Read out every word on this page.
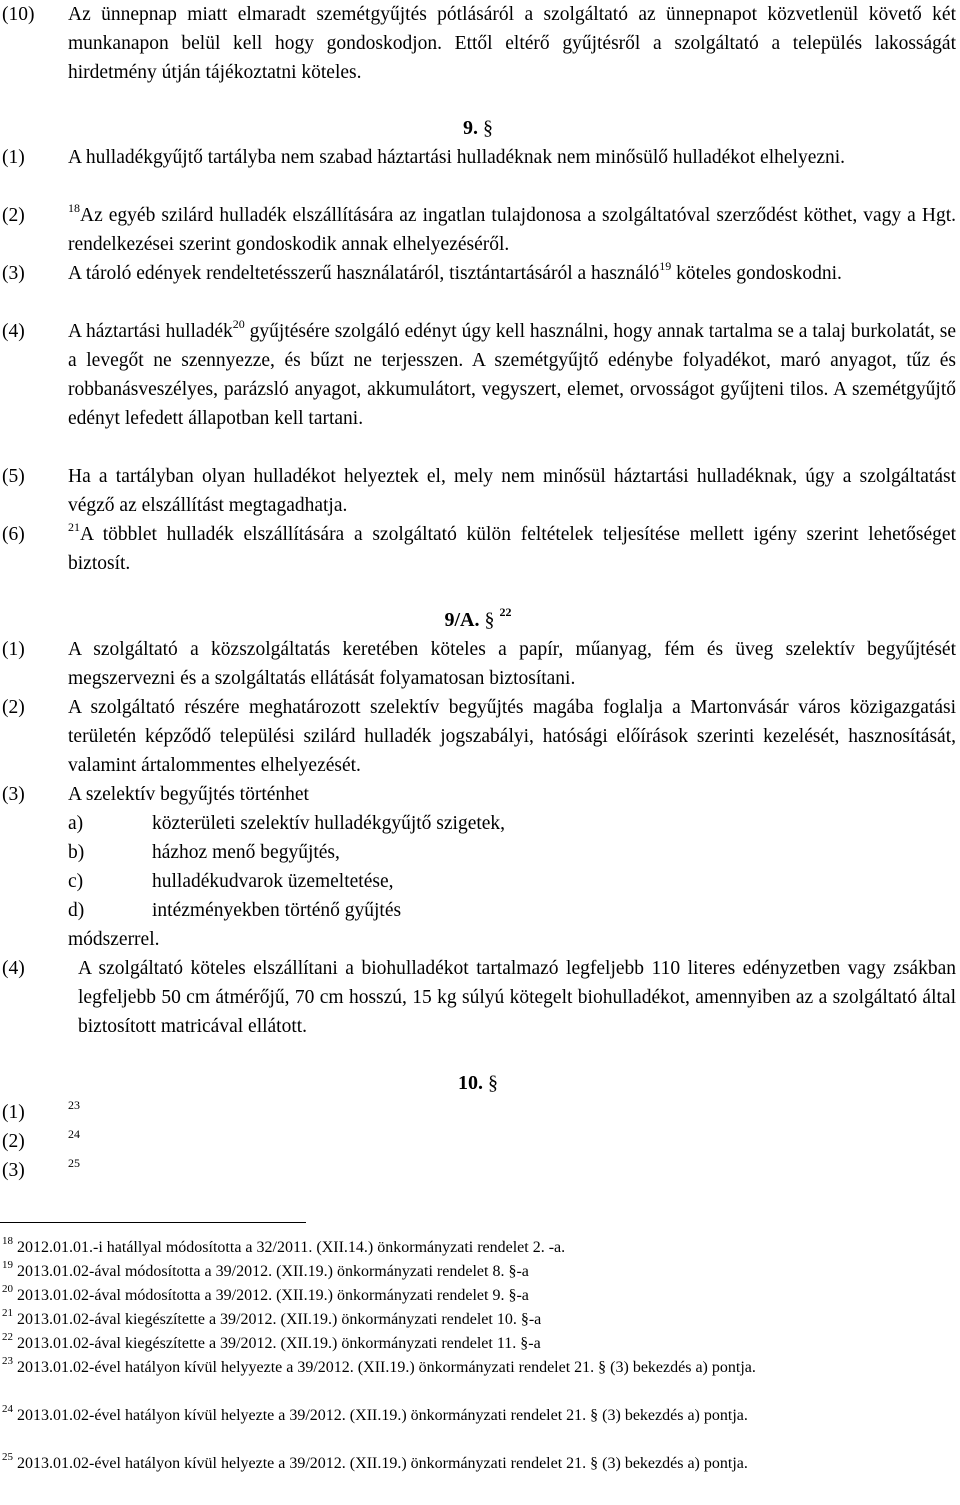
(10) Az ünnepnap miatt elmaradt szemétgyűjtés pótlásáról a szolgáltató az ünnepnapot közvetlenül követő két munkanapon belül kell hogy gondoskodjon. Ettől eltérő gyűjtésről a szolgáltató a település lakosságát hirdetmény útján tájékoztatni köteles.
9. §
(1) A hulladékgyűjtő tartályba nem szabad háztartási hulladéknak nem minősülő hulladékot elhelyezni.
(2)	$^{18}$Az egyéb szilárd hulladék elszállítására az ingatlan tulajdonosa a szolgáltatóval szerződést köthet, vagy a Hgt. rendelkezései szerint gondoskodik annak elhelyezéséről.
(3) A tároló edények rendeltetésszerű használatáról, tisztántartásáról a használó$^{19}$ köteles gondoskodni.
(4) A háztartási hulladék$^{20}$ gyűjtésére szolgáló edényt úgy kell használni, hogy annak tartalma se a talaj burkolatát, se a levegőt ne szennyezze, és bűzt ne terjesszen. A szemétgyűjtő edénybe folyadékot, maró anyagot, tűz és robbanásveszélyes, parázsló anyagot, akkumulátort, vegyszert, elemet, orvosságot gyűjteni tilos. A szemétgyűjtő edényt lefedett állapotban kell tartani.
(5) Ha a tartályban olyan hulladékot helyeztek el, mely nem minősül háztartási hulladéknak, úgy a szolgáltatást végző az elszállítást megtagadhatja.
(6)	$^{21}$A többlet hulladék elszállítására a szolgáltató külön feltételek teljesítése mellett igény szerint lehetőséget biztosít.
9/A. § $^{22}$
(1) A szolgáltató a közszolgáltatás keretében köteles a papír, műanyag, fém és üveg szelektív begyűjtését megszervezni és a szolgáltatás ellátását folyamatosan biztosítani.
(2) A szolgáltató részére meghatározott szelektív begyűjtés magába foglalja a Martonvásár város közigazgatási területén képződő települési szilárd hulladék jogszabályi, hatósági előírások szerinti kezelését, hasznosítását, valamint ártalommentes elhelyezését.
(3) A szelektív begyűjtés történhet
a)	közterületi szelektív hulladékgyűjtő szigetek,
b)	házhoz menő begyűjtés,
c)	hulladékudvarok üzemeltetése,
d)	intézményekben történő gyűjtés
módszerrel.
(4)	A szolgáltató köteles elszállítani a biohulladékot tartalmazó legfeljebb 110 literes edényzetben vagy zsákban legfeljebb 50 cm átmérőjű, 70 cm hosszú, 15 kg súlyú kötegelt biohulladékot, amennyiben az a szolgáltató által biztosított matricával ellátott.
10. §
(1)	$^{23}$
(2)	$^{24}$
(3)	$^{25}$
$^{18}$ 2012.01.01.-i hatállyal módosította a 32/2011. (XII.14.) önkormányzati rendelet 2. -a.
$^{19}$ 2013.01.02-ával módosította a 39/2012. (XII.19.) önkormányzati rendelet 8. §-a
$^{20}$ 2013.01.02-ával módosította a 39/2012. (XII.19.) önkormányzati rendelet 9. §-a
$^{21}$ 2013.01.02-ával kiegészítette a 39/2012. (XII.19.) önkormányzati rendelet 10. §-a
$^{22}$ 2013.01.02-ával kiegészítette a 39/2012. (XII.19.) önkormányzati rendelet 11. §-a
$^{23}$ 2013.01.02-ével hatályon kívül helyyezte a 39/2012. (XII.19.) önkormányzati rendelet 21. § (3) bekezdés a) pontja.
$^{24}$ 2013.01.02-ével hatályon kívül helyezte a 39/2012. (XII.19.) önkormányzati rendelet 21. § (3) bekezdés a) pontja.
$^{25}$ 2013.01.02-ével hatályon kívül helyezte a 39/2012. (XII.19.) önkormányzati rendelet 21. § (3) bekezdés a) pontja.
